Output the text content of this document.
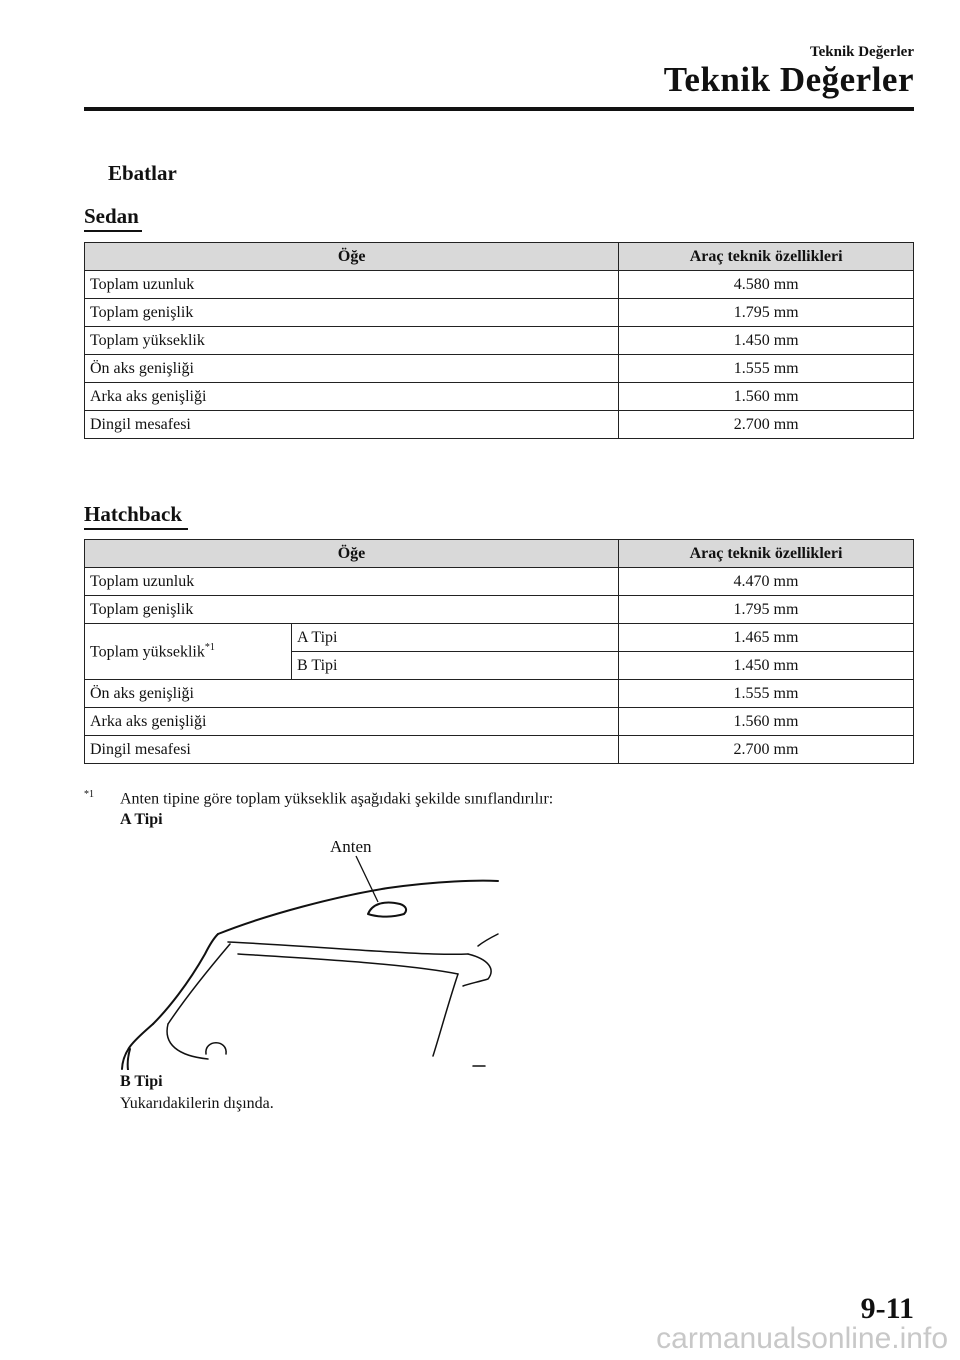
Teknik Değerler
Teknik Değerler
Ebatlar
Sedan
Öğe	Araç teknik özellikleri
Toplam uzunluk	4.580 mm
Toplam genişlik	1.795 mm
Toplam yükseklik	1.450 mm
Ön aks genişliği	1.555 mm
Arka aks genişliği	1.560 mm
Dingil mesafesi	2.700 mm
Hatchback
Öğe		Araç teknik özellikleri
Toplam uzunluk		4.470 mm
Toplam genişlik		1.795 mm
Toplam yükseklik$^{*1}$	A Tipi	1.465 mm
	B Tipi	1.450 mm
Ön aks genişliği		1.555 mm
Arka aks genişliği		1.560 mm
Dingil mesafesi		2.700 mm
$^{*1}$ Anten tipine göre toplam yükseklik aşağıdaki şekilde sınıflandırılır:
A Tipi
Anten
B Tipi
Yukarıdakilerin dışında.
9-11
carmanualsonline.info
